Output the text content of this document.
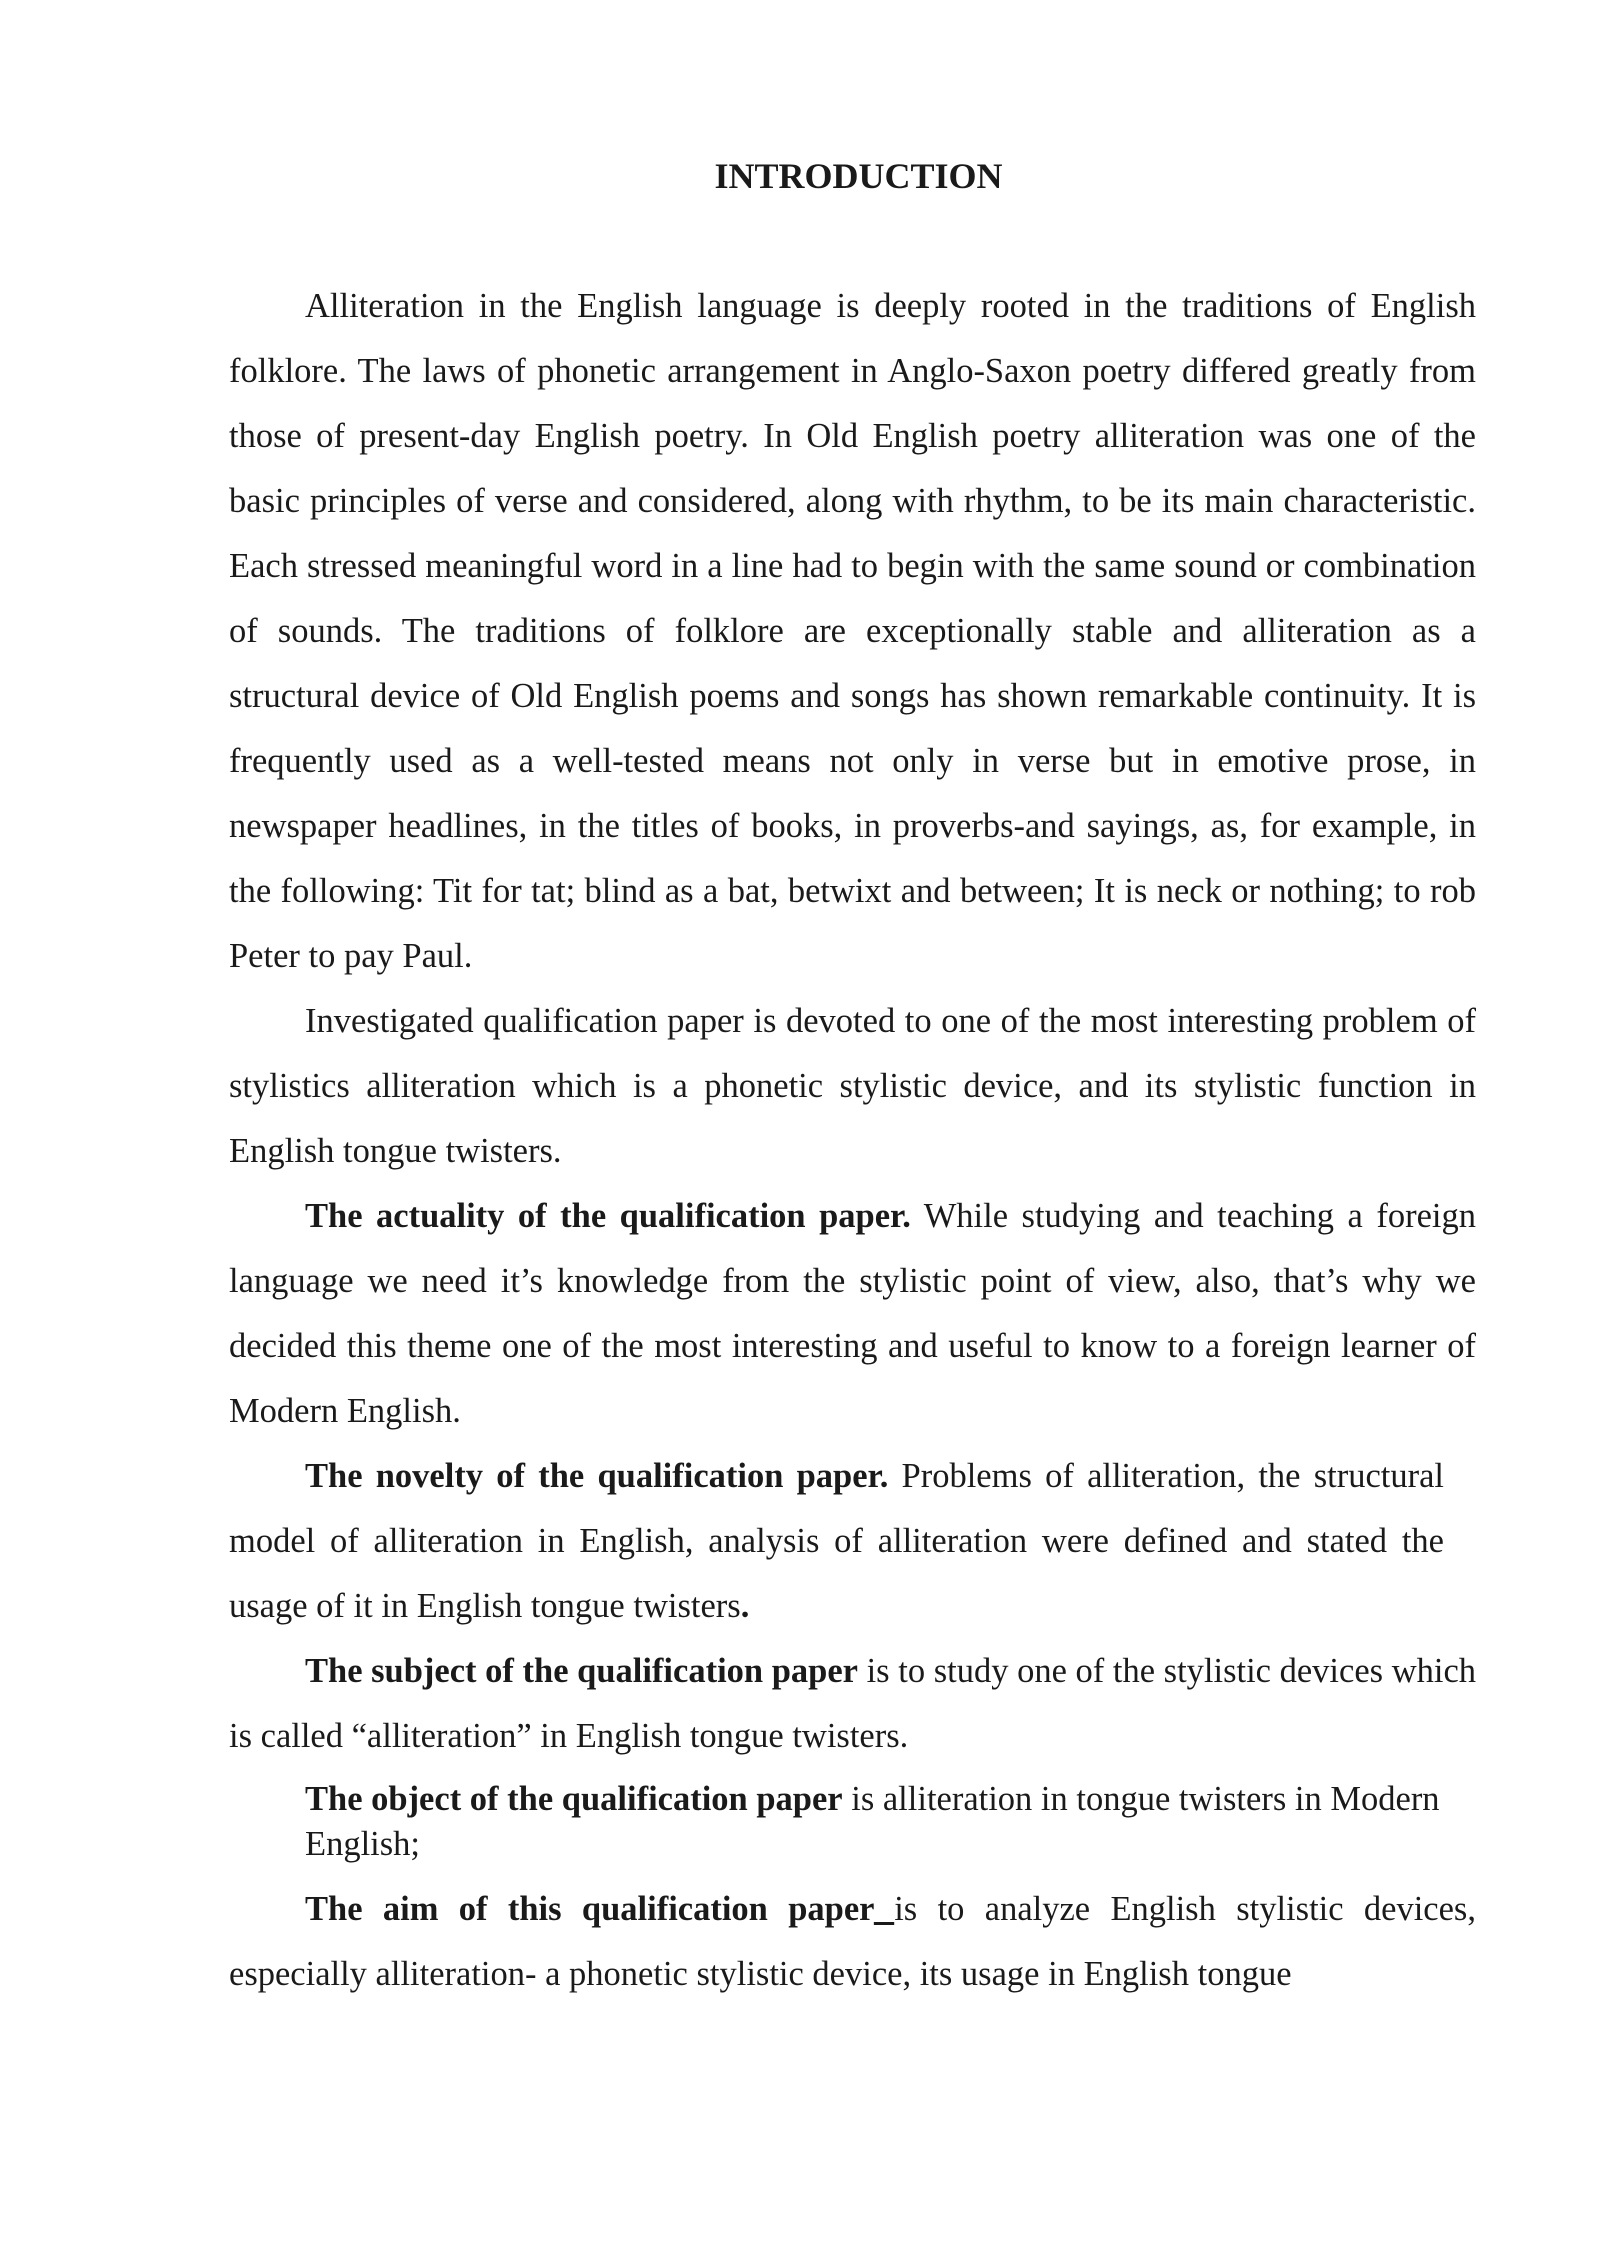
INTRODUCTION

Alliteration in the English language is deeply rooted in the traditions of English folklore. The laws of phonetic arrangement in Anglo-Saxon poetry differed greatly from those of present-day English poetry. In Old English poetry alliteration was one of the basic principles of verse and considered, along with rhythm, to be its main characteristic. Each stressed meaningful word in a line had to begin with the same sound or combination of sounds. The traditions of folklore are exceptionally stable and alliteration as a structural device of Old English poems and songs has shown remarkable continuity. It is frequently used as a well-tested means not only in verse but in emotive prose, in newspaper headlines, in the titles of books, in proverbs-and sayings, as, for example, in the following: Tit for tat; blind as a bat, betwixt and between; It is neck or nothing; to rob Peter to pay Paul.

Investigated qualification paper is devoted to one of the most interesting problem of stylistics alliteration which is a phonetic stylistic device, and its stylistic function in English tongue twisters.

The actuality of the qualification paper. While studying and teaching a foreign language we need it’s knowledge from the stylistic point of view, also, that’s why we decided this theme one of the most interesting and useful to know to a foreign learner of Modern English.

The novelty of the qualification paper. Problems of alliteration, the structural model of alliteration in English, analysis of alliteration were defined and stated the usage of it in English tongue twisters.

The subject of the qualification paper is to study one of the stylistic devices which is called “alliteration” in English tongue twisters.

The object of the qualification paper is alliteration in tongue twisters in Modern English;

The aim of this qualification paper is to analyze English stylistic devices, especially alliteration- a phonetic stylistic device, its usage in English tongue
